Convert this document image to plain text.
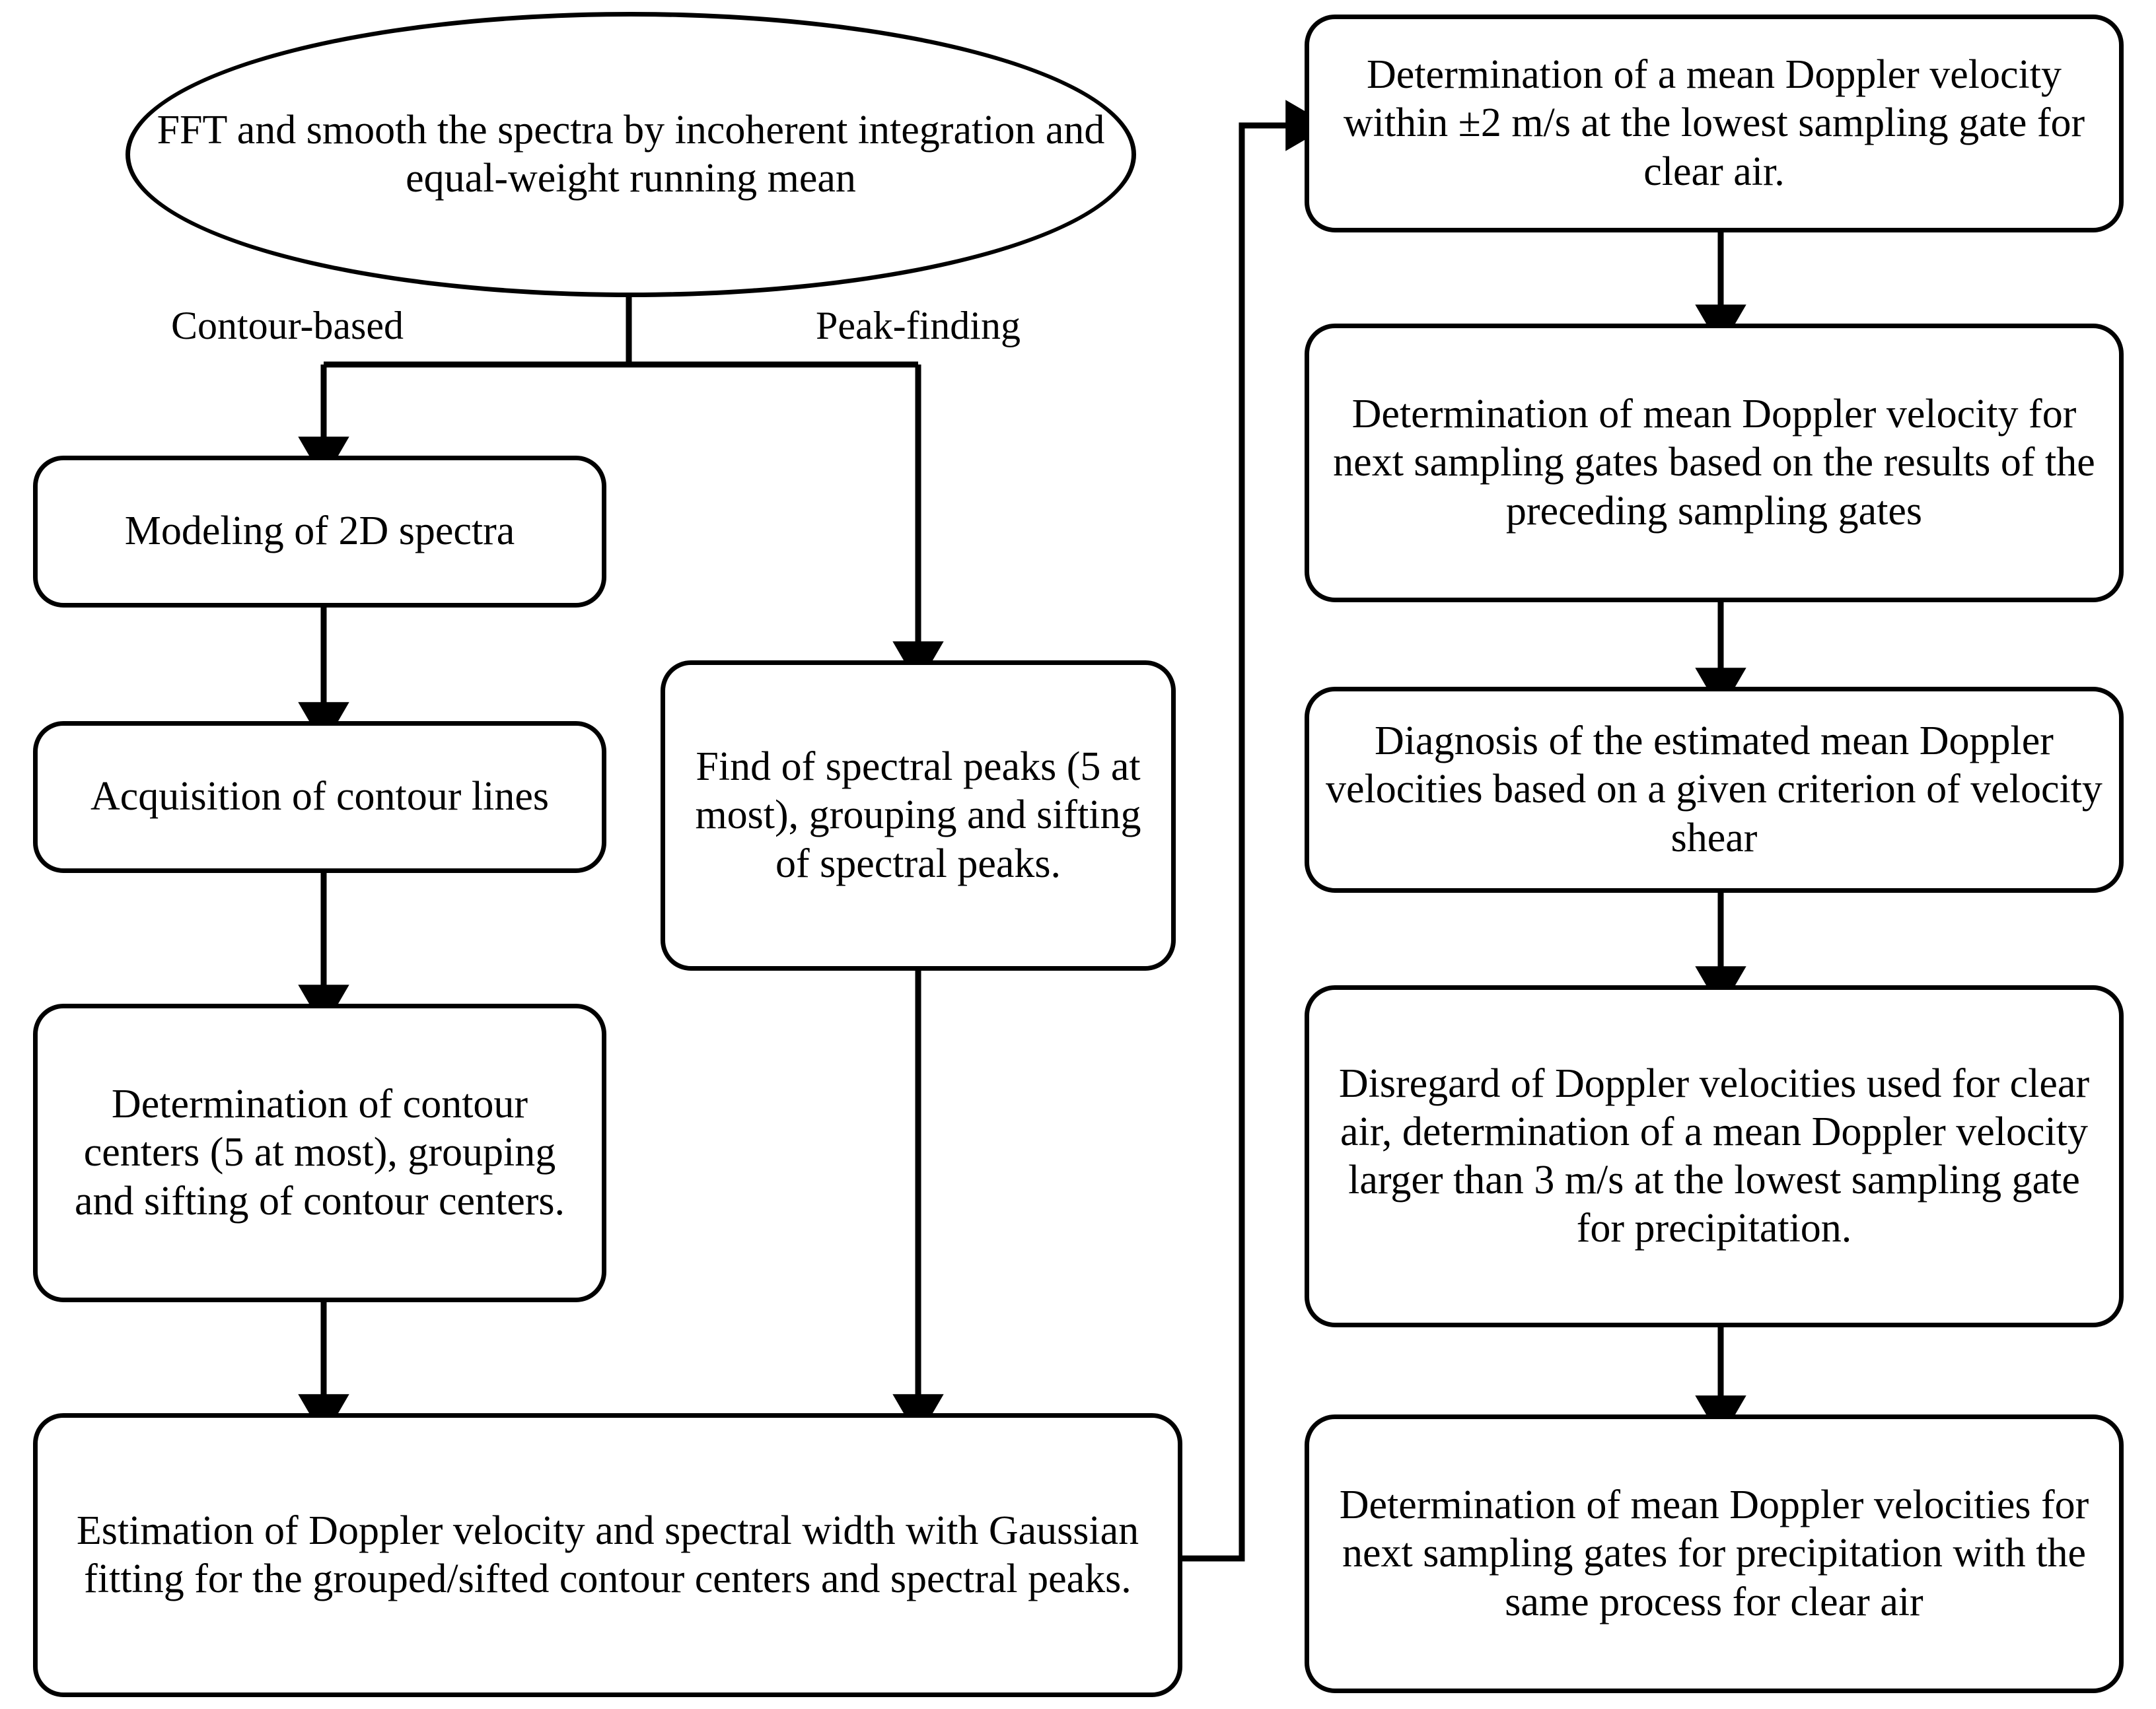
FFT and smooth the spectra by incoherent integration and equal-weight running mean
Contour-based	Peak-finding
Modeling of 2D spectra
Acquisition of contour lines
Determination of contour centers (5 at most), grouping and sifting of contour centers.
Find of spectral peaks (5 at most), grouping and sifting of spectral peaks.
Estimation of Doppler velocity and spectral width with Gaussian fitting for the grouped/sifted contour centers and spectral peaks.
Determination of a mean Doppler velocity within ±2 m/s at the lowest sampling gate for clear air.
Determination of mean Doppler velocity for next sampling gates based on the results of the preceding sampling gates
Diagnosis of the estimated mean Doppler velocities based on a given criterion of velocity shear
Disregard of Doppler velocities used for clear air, determination of a mean Doppler velocity larger than 3 m/s at the lowest sampling gate for precipitation.
Determination of mean Doppler velocities for next sampling gates for precipitation with the same process for clear air
